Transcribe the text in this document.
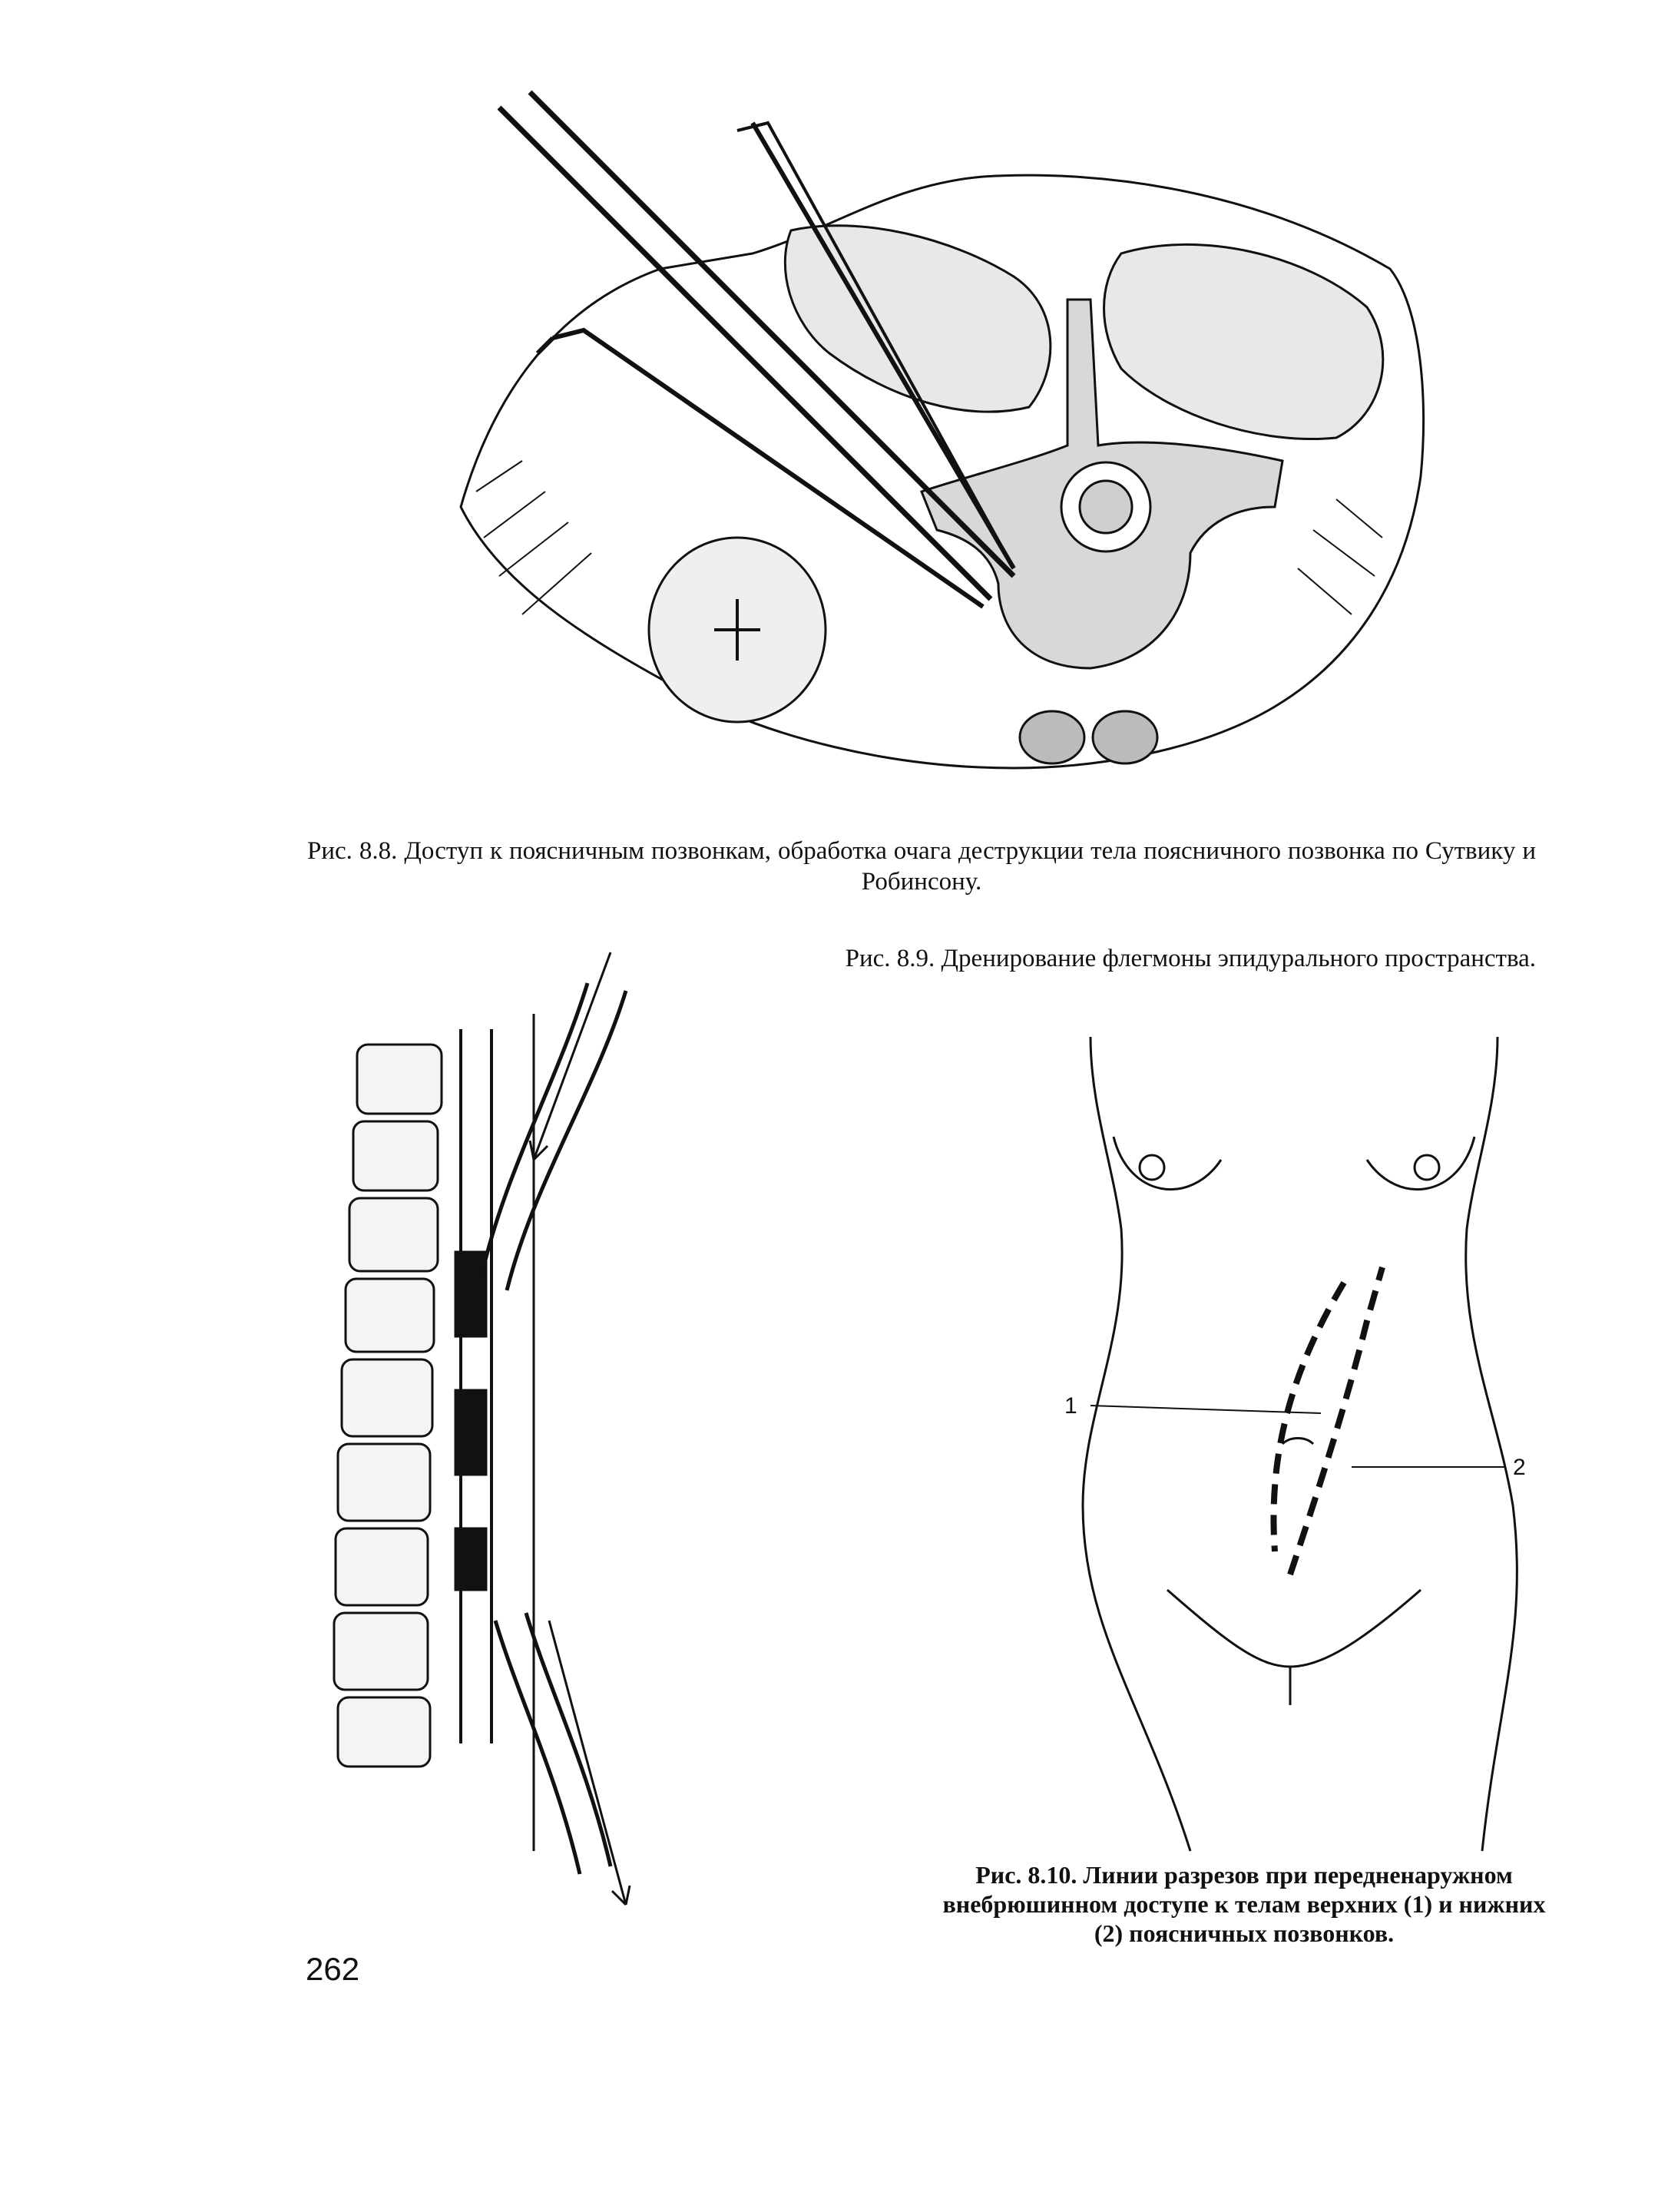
Рис. 8.8. Доступ к поясничным позвонкам, обработка очага деструкции тела поясничного позвонка по Сутвику и Робинсону.
Рис. 8.9. Дренирование флегмоны эпидурального пространства.
1
2
Рис. 8.10. Линии разрезов при передненаружном внебрюшинном доступе к телам верхних (1) и нижних (2) поясничных позвонков.
262
